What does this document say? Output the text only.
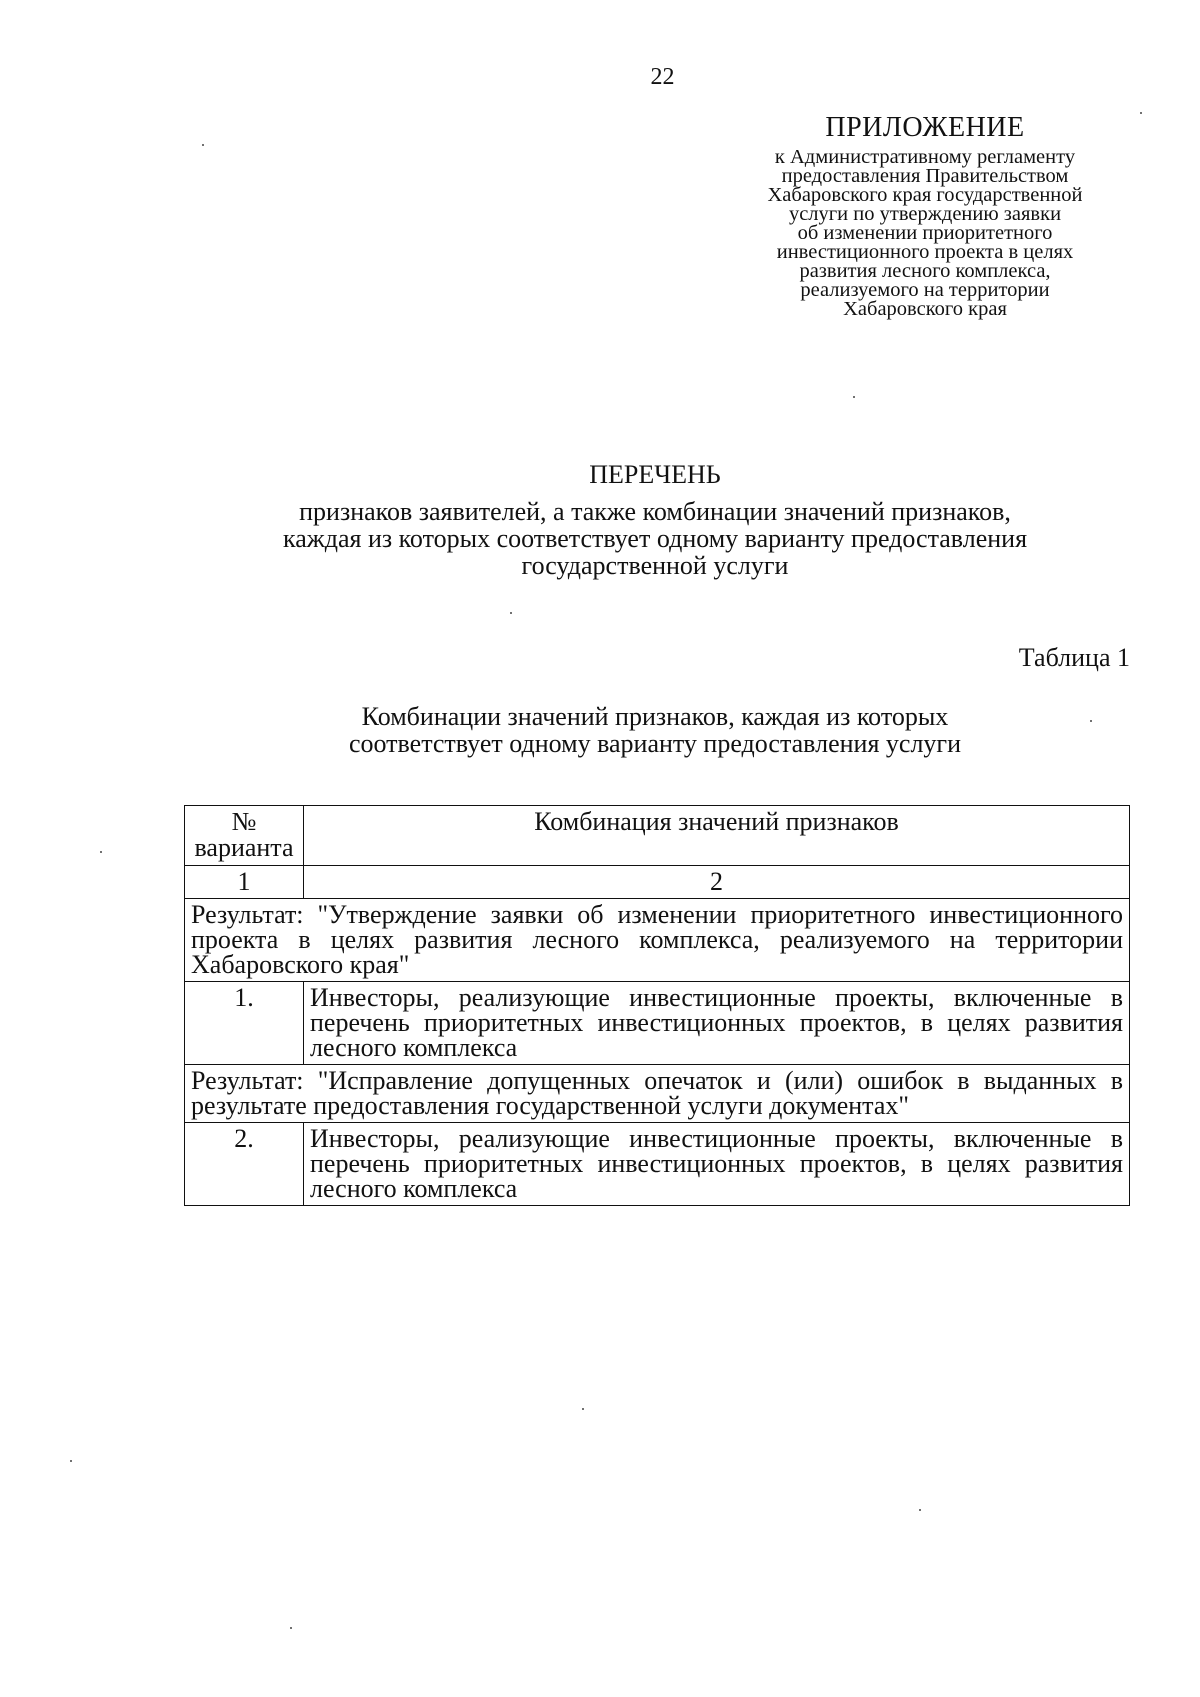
22
ПРИЛОЖЕНИЕ
к Административному регламенту
предоставления Правительством
Хабаровского края государственной
услуги по утверждению заявки
об изменении приоритетного
инвестиционного проекта в целях
развития лесного комплекса,
реализуемого на территории
Хабаровского края
ПЕРЕЧЕНЬ
признаков заявителей, а также комбинации значений признаков,
каждая из которых соответствует одному варианту предоставления
государственной услуги
Таблица 1
Комбинации значений признаков, каждая из которых
соответствует одному варианту предоставления услуги
№
варианта	Комбинация значений признаков
1	2
Результат: "Утверждение заявки об изменении приоритетного инвестиционного проекта в целях развития лесного комплекса, реализуемого на территории Хабаровского края"	
1.	Инвесторы, реализующие инвестиционные проекты, включенные в перечень приоритетных инвестиционных проектов, в целях развития лесного комплекса
Результат: "Исправление допущенных опечаток и (или) ошибок в выданных в результате предоставления государственной услуги документах"	
2.	Инвесторы, реализующие инвестиционные проекты, включенные в перечень приоритетных инвестиционных проектов, в целях развития лесного комплекса
